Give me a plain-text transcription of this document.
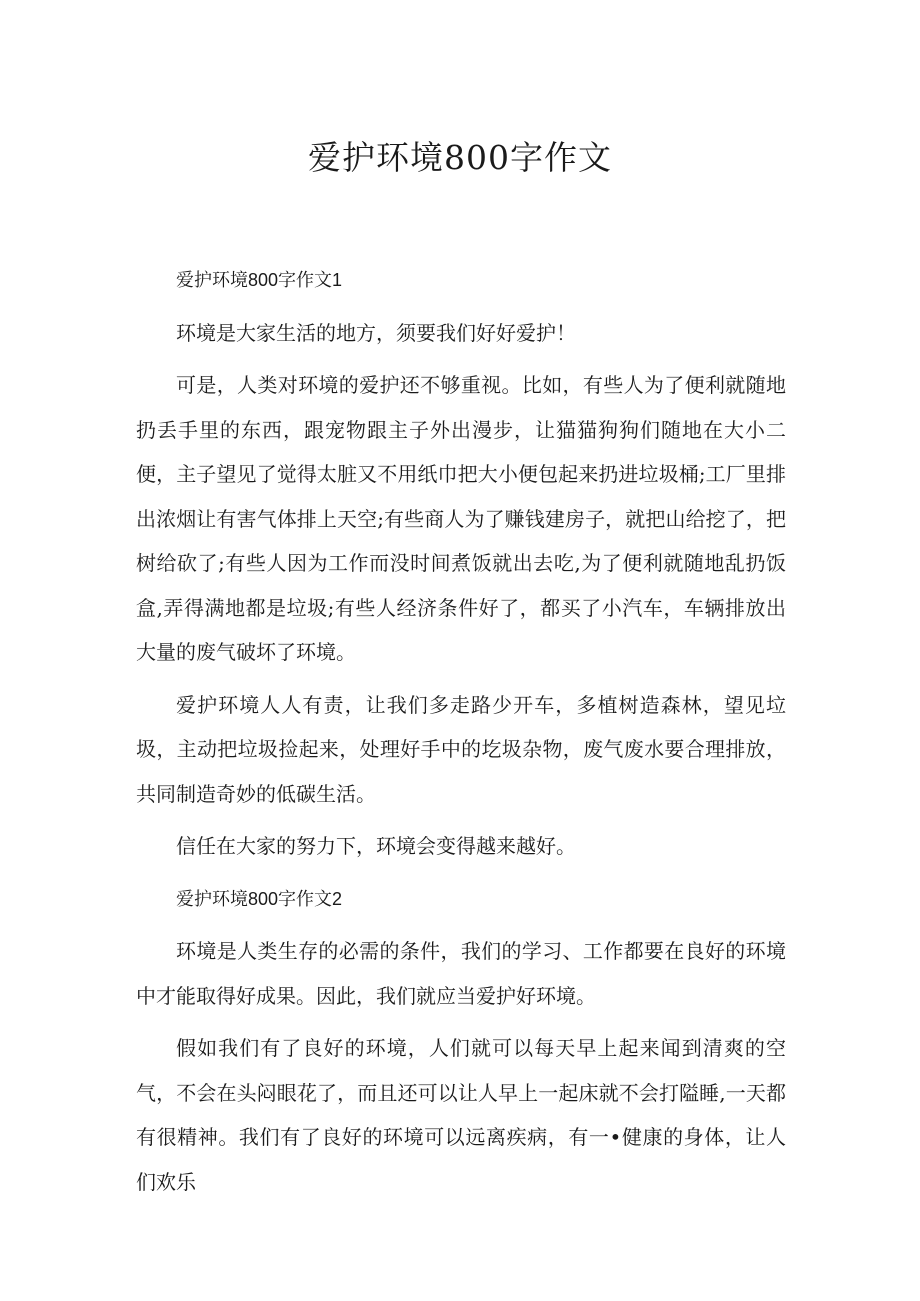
爱护环境800字作文
爱护环境800字作文1

环境是大家生活的地方，须要我们好好爱护！

可是，人类对环境的爱护还不够重视。比如，有些人为了便利就随地扔丢手里的东西，跟宠物跟主子外出漫步，让猫猫狗狗们随地在大小二便，主子望见了觉得太脏又不用纸巾把大小便包起来扔进垃圾桶;工厂里排出浓烟让有害气体排上天空;有些商人为了赚钱建房子，就把山给挖了，把树给砍了;有些人因为工作而没时间煮饭就出去吃,为了便利就随地乱扔饭盒,弄得满地都是垃圾;有些人经济条件好了，都买了小汽车，车辆排放出大量的废气破坏了环境。

爱护环境人人有责，让我们多走路少开车，多植树造森林，望见垃圾，主动把垃圾捡起来，处理好手中的圪圾杂物，废气废水要合理排放，共同制造奇妙的低碳生活。

信任在大家的努力下，环境会变得越来越好。

爱护环境800字作文2

环境是人类生存的必需的条件，我们的学习、工作都要在良好的环境中才能取得好成果。因此，我们就应当爱护好环境。

假如我们有了良好的环境，人们就可以每天早上起来闻到清爽的空气，不会在头闷眼花了，而且还可以让人早上一起床就不会打隘睡,一天都有很精神。我们有了良好的环境可以远离疾病，有一•健康的身体，让人们欢乐
